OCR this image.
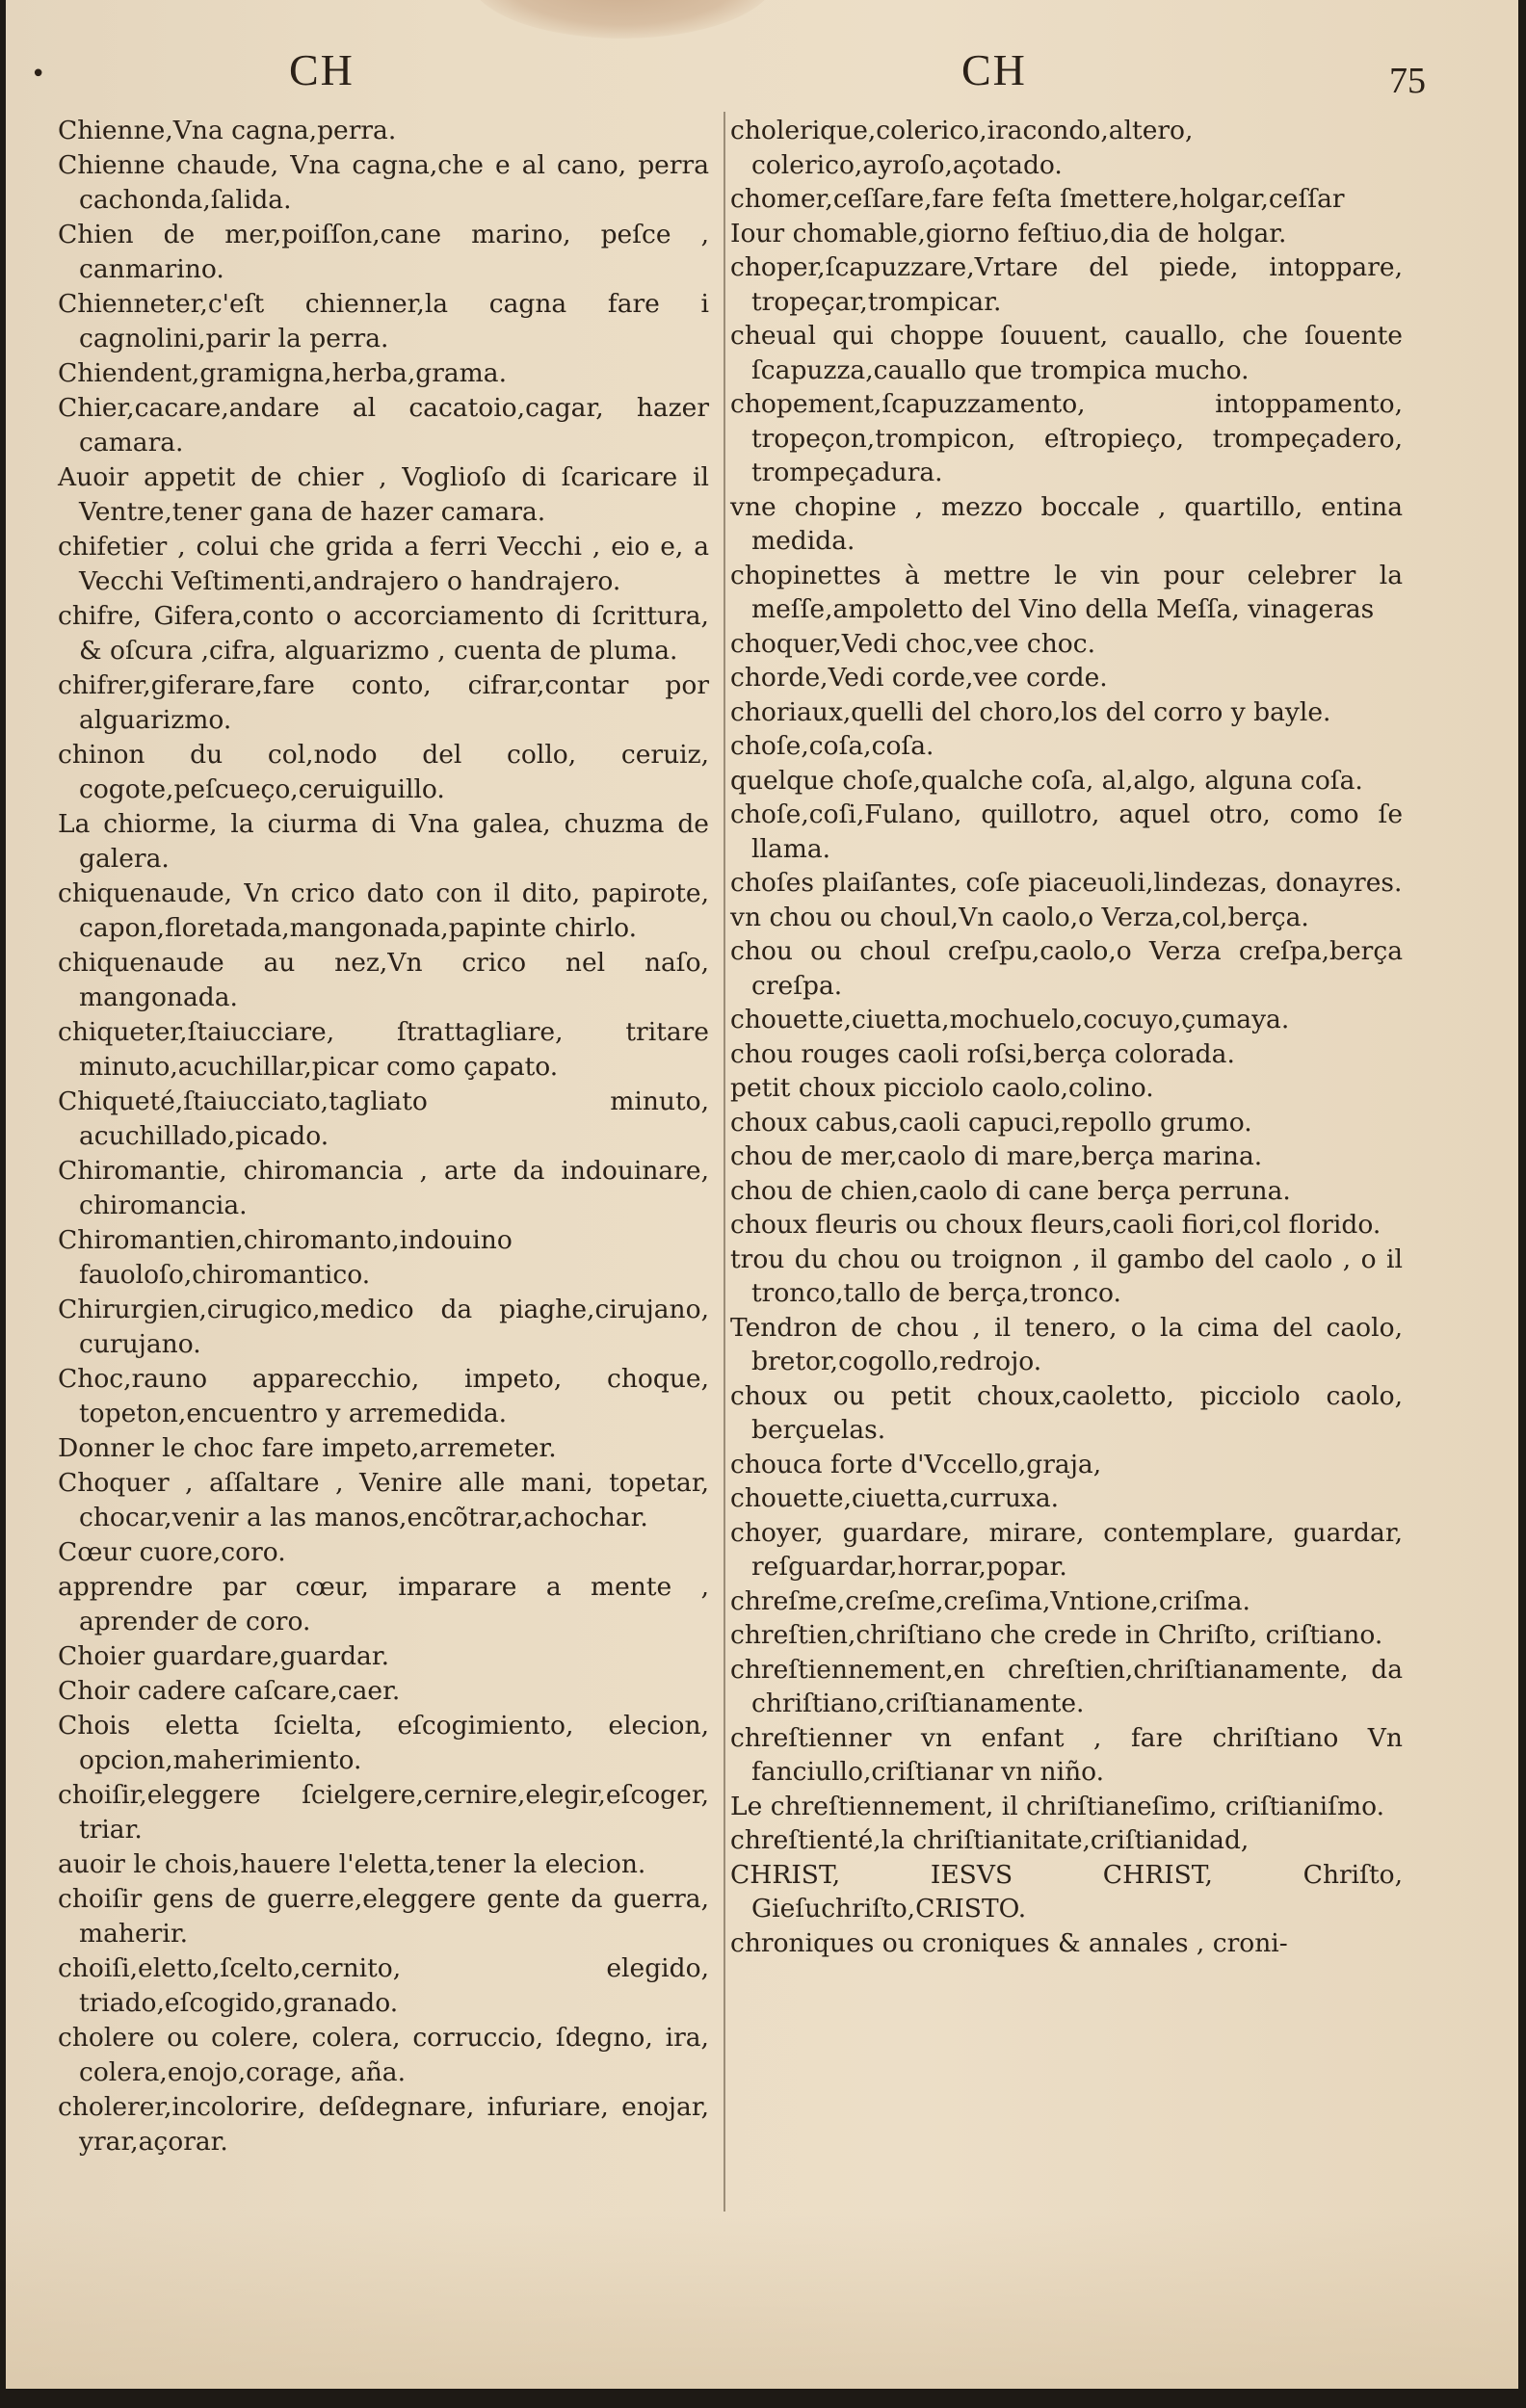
•	CH	CH	75

Chienne,Vna cagna,perra.

Chienne chaude, Vna cagna,che e al cano, perra cachonda,ſalida.

Chien de mer,poiſſon,cane marino, peſce , canmarino.

Chienneter,c'eſt chienner,la cagna fare i cagnolini,parir la perra.

Chiendent,gramigna,herba,grama.

Chier,cacare,andare al cacatoio,cagar, hazer camara.

Auoir appetit de chier , Voglioſo di ſcaricare il Ventre,tener gana de hazer camara.

chifetier , colui che grida a ferri Vecchi , eio e, a Vecchi Veſtimenti,andrajero o handrajero.

chifre, Gifera,conto o accorciamento di ſcrittura, & oſcura ,cifra, alguarizmo , cuenta de pluma.

chifrer,giferare,fare conto, cifrar,contar por alguarizmo.

chinon du col,nodo del collo, ceruiz, cogote,peſcueço,ceruiguillo.

La chiorme, la ciurma di Vna galea, chuzma de galera.

chiquenaude, Vn crico dato con il dito, papirote, capon,floretada,mangonada,papinte chirlo.

chiquenaude au nez,Vn crico nel naſo, mangonada.

chiqueter,ſtaiucciare, ſtrattagliare, tritare minuto,acuchillar,picar como çapato.

Chiqueté,ſtaiucciato,tagliato minuto, acuchillado,picado.

Chiromantie, chiromancia , arte da indouinare, chiromancia.

Chiromantien,chiromanto,indouino fauoloſo,chiromantico.

Chirurgien,cirugico,medico da piaghe,cirujano, curujano.

Choc,rauno apparecchio, impeto, choque, topeton,encuentro y arremedida.

Donner le choc fare impeto,arremeter.

Choquer , aſſaltare , Venire alle mani, topetar, chocar,venir a las manos,encõtrar,achochar.

Cœur cuore,coro.

apprendre par cœur, imparare a mente , aprender de coro.

Choier guardare,guardar.

Choir cadere caſcare,caer.

Chois eletta ſcielta, eſcogimiento, elecion, opcion,maherimiento.

choiſir,eleggere ſcielgere,cernire,elegir,eſcoger, triar.

auoir le chois,hauere l'eletta,tener la elecion.

choiſir gens de guerre,eleggere gente da guerra, maherir.

choiſi,eletto,ſcelto,cernito, elegido, triado,eſcogido,granado.

cholere ou colere, colera, corruccio, ſdegno, ira, colera,enojo,corage, aña.

cholerer,incolorire, deſdegnare, infuriare, enojar, yrar,açorar.

cholerique,colerico,iracondo,altero, colerico,ayroſo,açotado.

chomer,ceſſare,fare feſta ſmettere,holgar,ceſſar

Iour chomable,giorno feſtiuo,dia de holgar.

choper,ſcapuzzare,Vrtare del piede, intoppare, tropeçar,trompicar.

cheual qui choppe ſouuent, cauallo, che ſouente ſcapuzza,cauallo que trompica mucho.

chopement,ſcapuzzamento, intoppamento, tropeçon,trompicon, eſtropieço, trompeçadero, trompeçadura.

vne chopine , mezzo boccale , quartillo, entina medida.

chopinettes à mettre le vin pour celebrer la meſſe,ampoletto del Vino della Meſſa, vinageras

choquer,Vedi choc,vee choc.

chorde,Vedi corde,vee corde.

choriaux,quelli del choro,los del corro y bayle.

choſe,coſa,coſa.

quelque choſe,qualche coſa, al,algo, alguna coſa.

choſe,coſi,Fulano, quillotro, aquel otro, como ſe llama.

choſes plaiſantes, coſe piaceuoli,lindezas, donayres.

vn chou ou choul,Vn caolo,o Verza,col,berça.

chou ou choul creſpu,caolo,o Verza creſpa,berça creſpa.

chouette,ciuetta,mochuelo,cocuyo,çumaya.

chou rouges caoli roſsi,berça colorada.

petit choux picciolo caolo,colino.

choux cabus,caoli capuci,repollo grumo.

chou de mer,caolo di mare,berça marina.

chou de chien,caolo di cane berça perruna.

choux fleuris ou choux fleurs,caoli fiori,col florido.

trou du chou ou troignon , il gambo del caolo , o il tronco,tallo de berça,tronco.

Tendron de chou , il tenero, o la cima del caolo, bretor,cogollo,redrojo.

choux ou petit choux,caoletto, picciolo caolo, berçuelas.

chouca forte d'Vccello,graja,

chouette,ciuetta,curruxa.

choyer, guardare, mirare, contemplare, guardar, reſguardar,horrar,popar.

chreſme,creſme,creſima,Vntione,criſma.

chreſtien,chriſtiano che crede in Chriſto, criſtiano.

chreſtiennement,en chreſtien,chriſtianamente, da chriſtiano,criſtianamente.

chreſtienner vn enfant , fare chriſtiano Vn fanciullo,criſtianar vn niño.

Le chreſtiennement, il chriſtianeſimo, criſtianiſmo.

chreſtienté,la chriſtianitate,criſtianidad,

CHRIST, IESVS CHRIST, Chriſto, Gieſuchriſto,CRISTO.

chroniques ou croniques & annales , croni-
